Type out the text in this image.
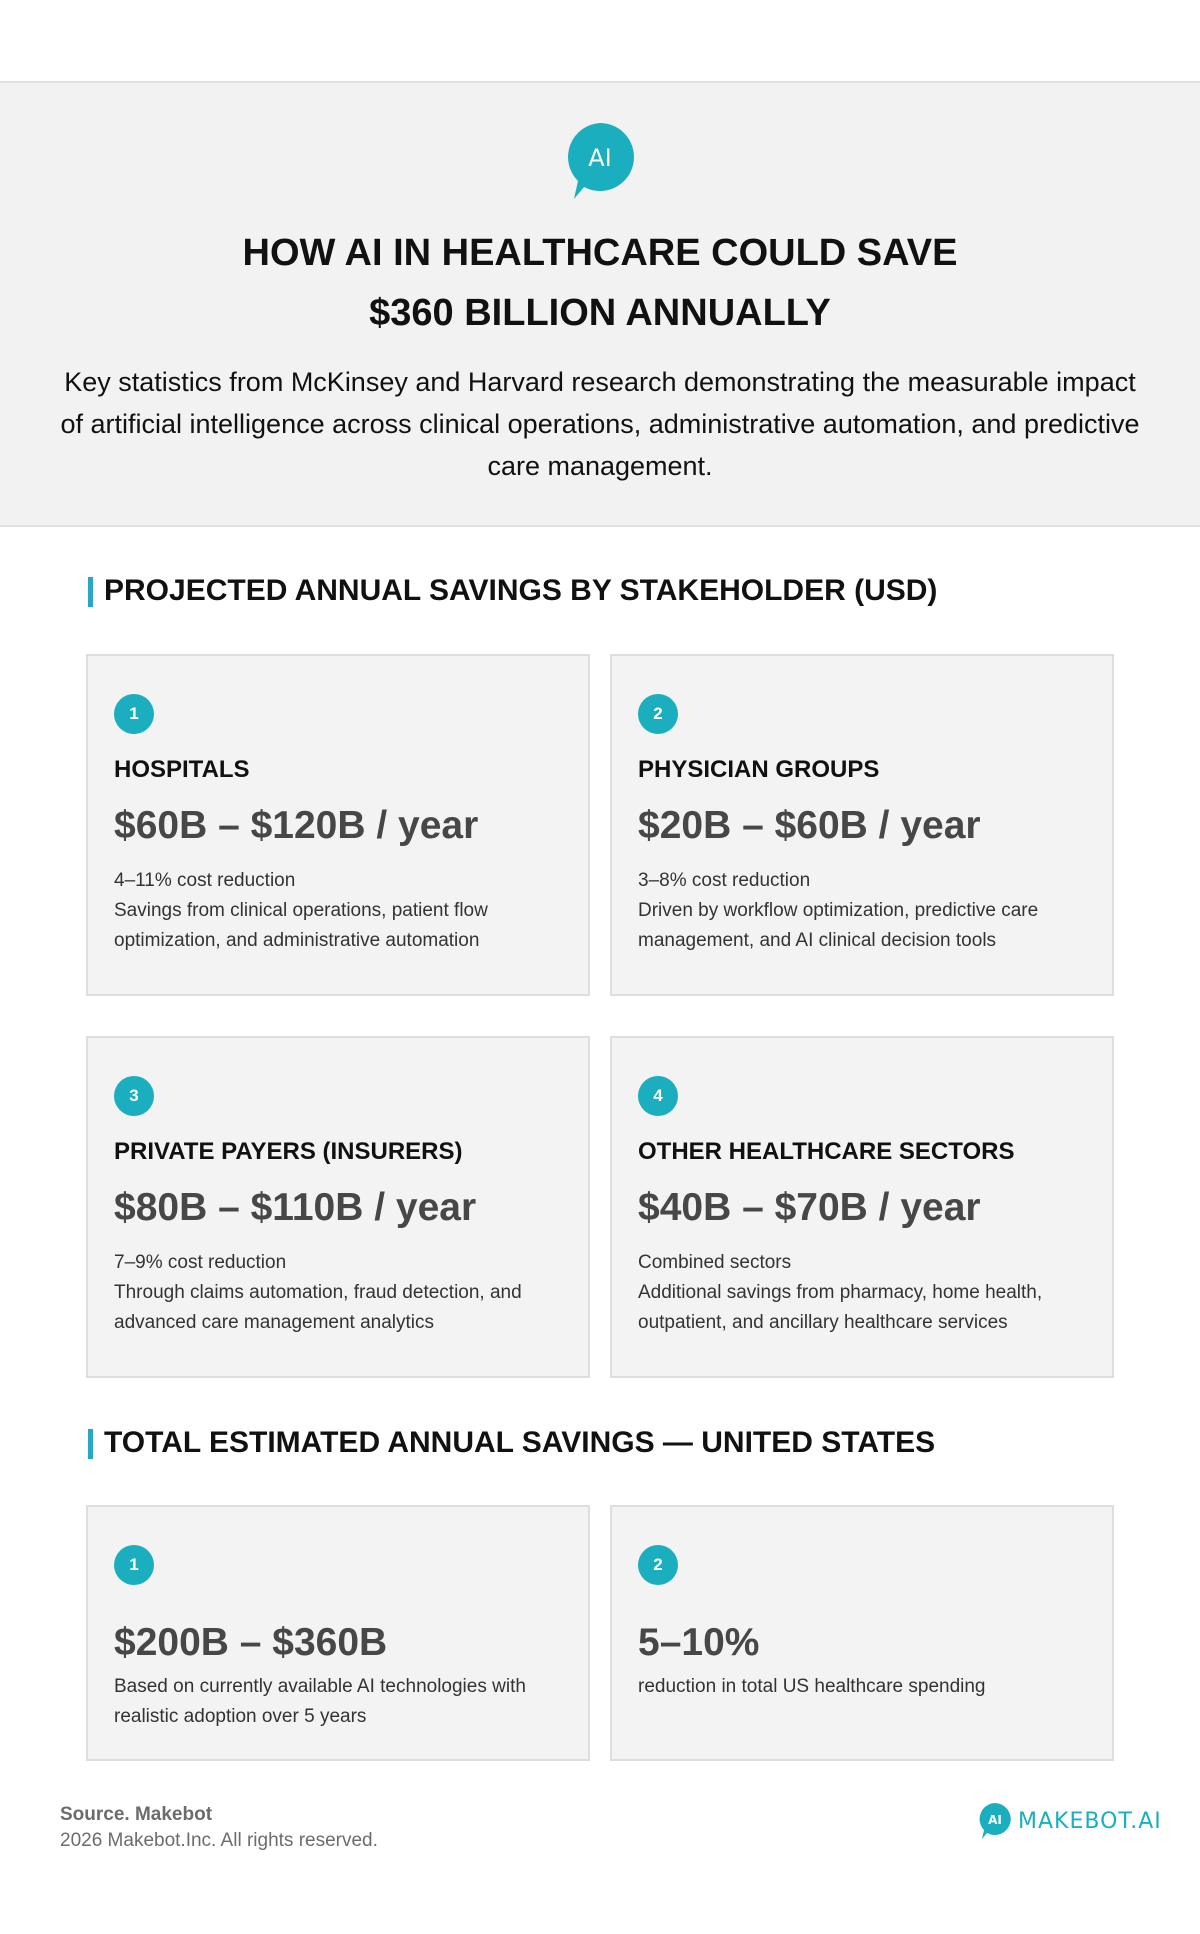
AI
HOW AI IN HEALTHCARE COULD SAVE
$360 BILLION ANNUALLY

Key statistics from McKinsey and Harvard research demonstrating the measurable impact of artificial intelligence across clinical operations, administrative automation, and predictive care management.

PROJECTED ANNUAL SAVINGS BY STAKEHOLDER (USD)
1
HOSPITALS
$60B – $120B / year
4–11% cost reduction
Savings from clinical operations, patient flow optimization, and administrative automation
2
PHYSICIAN GROUPS
$20B – $60B / year
3–8% cost reduction
Driven by workflow optimization, predictive care management, and AI clinical decision tools
3
PRIVATE PAYERS (INSURERS)
$80B – $110B / year
7–9% cost reduction
Through claims automation, fraud detection, and advanced care management analytics
4
OTHER HEALTHCARE SECTORS
$40B – $70B / year
Combined sectors
Additional savings from pharmacy, home health, outpatient, and ancillary healthcare services
TOTAL ESTIMATED ANNUAL SAVINGS — UNITED STATES
1
$200B – $360B
Based on currently available AI technologies with realistic adoption over 5 years
2
5–10%
reduction in total US healthcare spending
Source. Makebot
2026 Makebot.Inc. All rights reserved.
AI MAKEBOT.AI
